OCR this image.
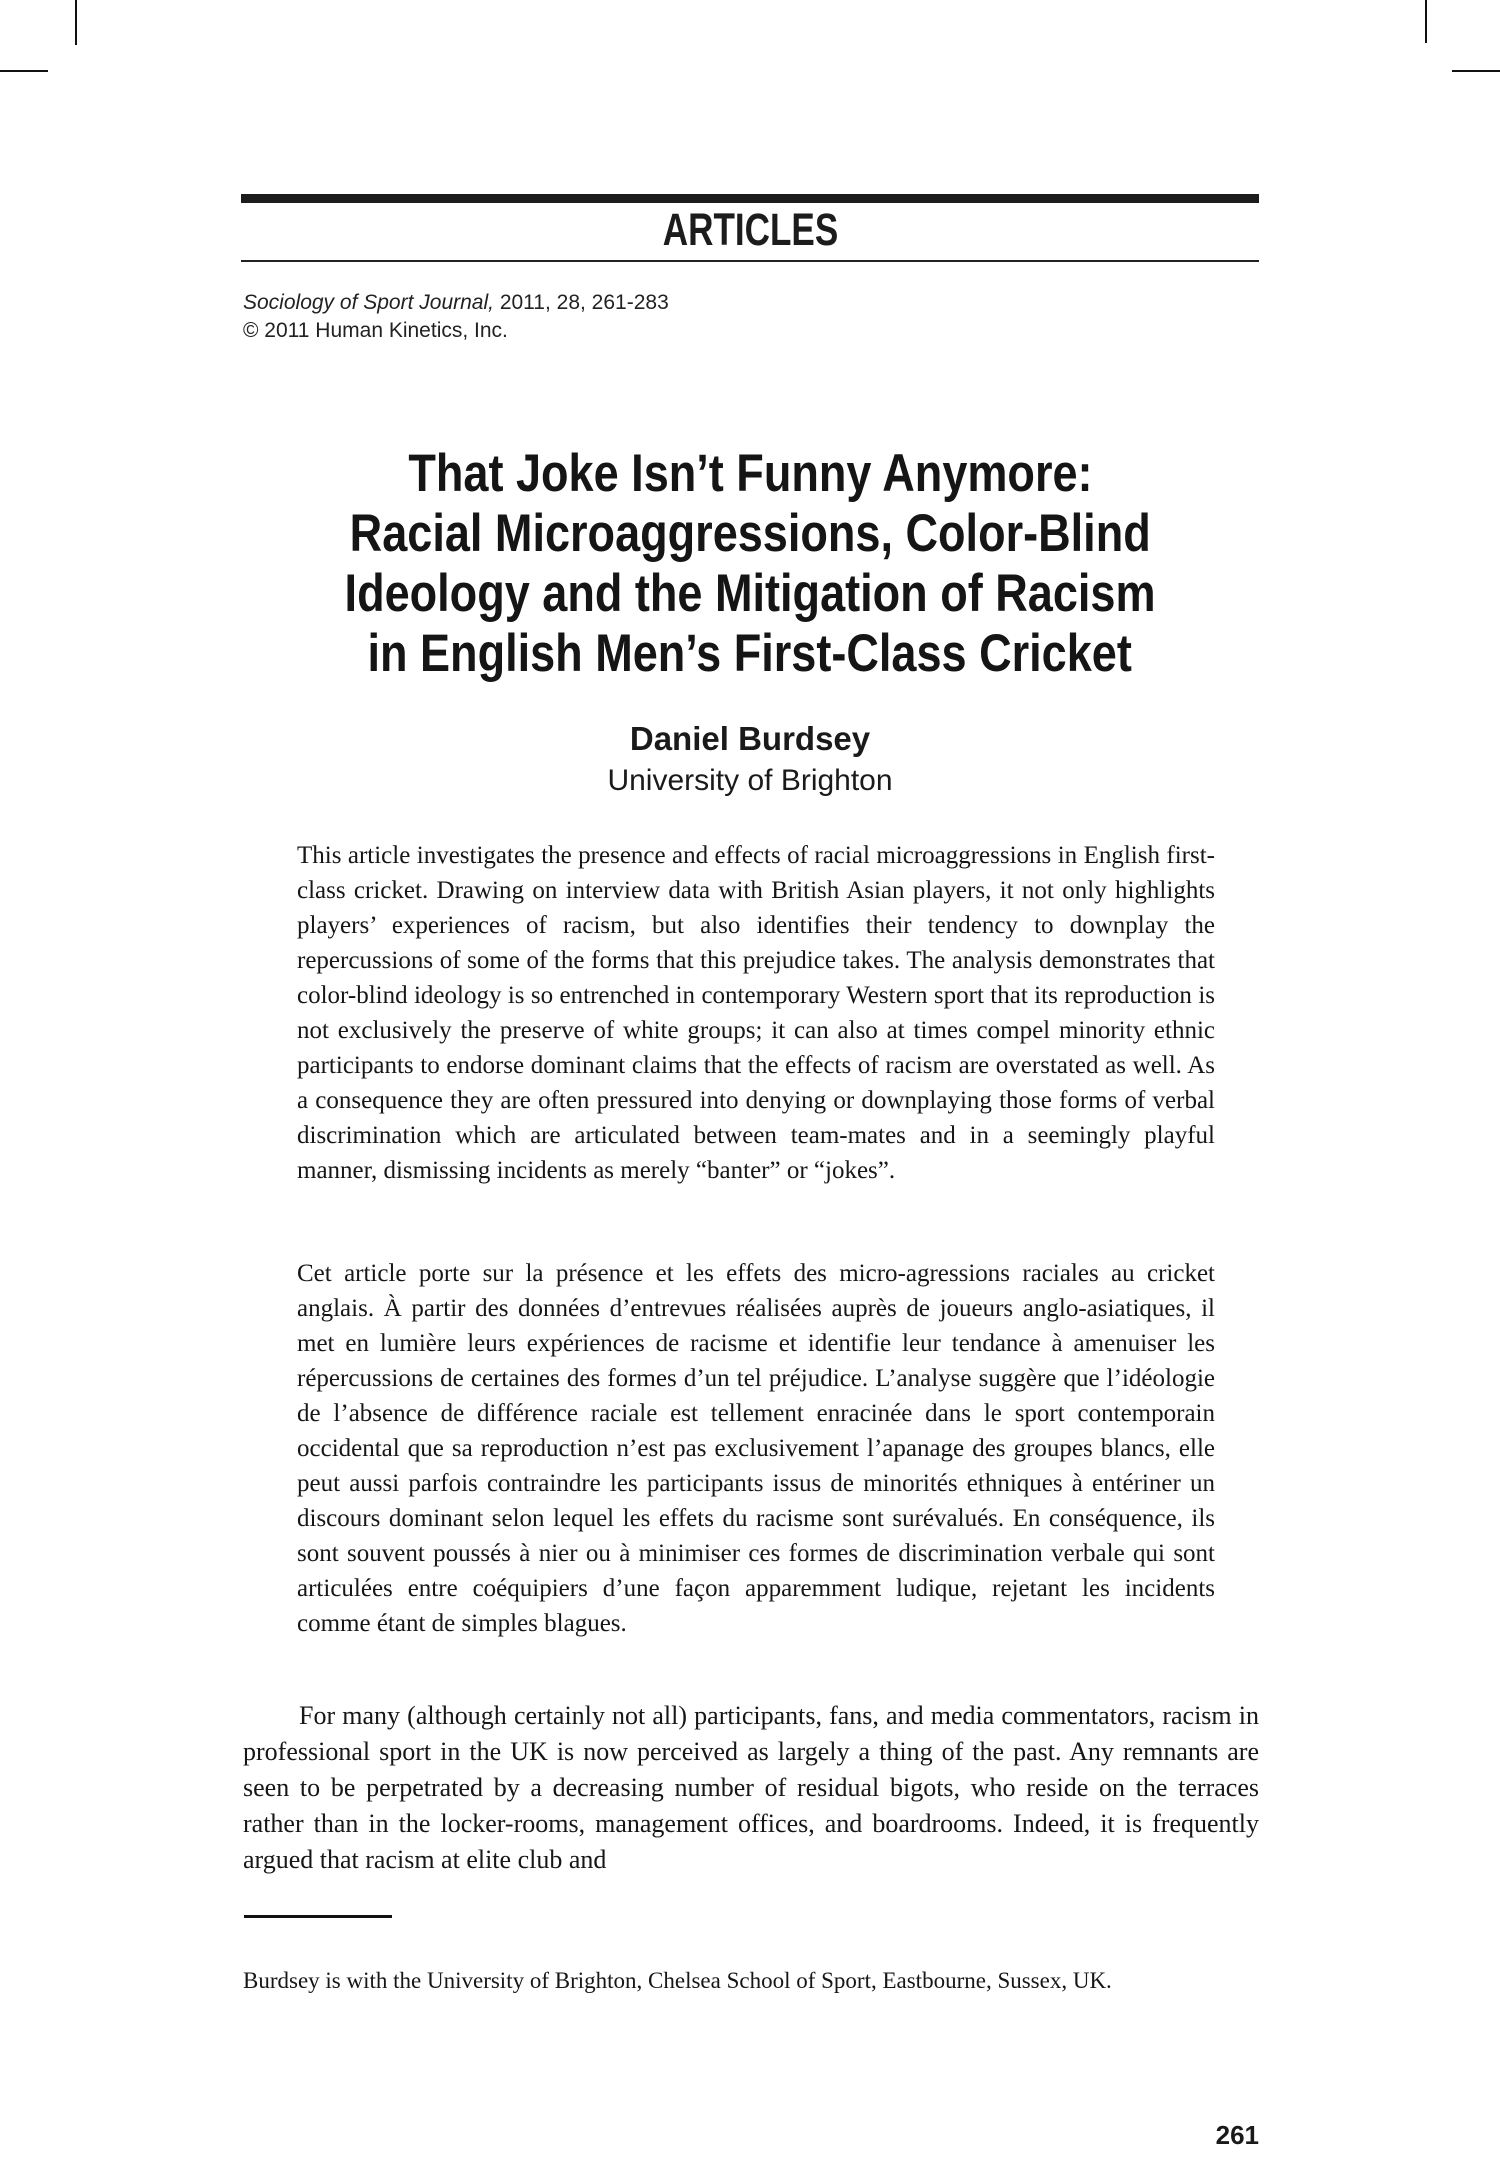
ARTICLES
Sociology of Sport Journal, 2011, 28, 261-283
© 2011 Human Kinetics, Inc.
That Joke Isn’t Funny Anymore:
Racial Microaggressions, Color-Blind
Ideology and the Mitigation of Racism
in English Men’s First-Class Cricket
Daniel Burdsey
University of Brighton
This article investigates the presence and effects of racial microaggressions in English first-class cricket. Drawing on interview data with British Asian players, it not only highlights players’ experiences of racism, but also identifies their tendency to downplay the repercussions of some of the forms that this prejudice takes. The analysis demonstrates that color-blind ideology is so entrenched in contemporary Western sport that its reproduction is not exclusively the preserve of white groups; it can also at times compel minority ethnic participants to endorse dominant claims that the effects of racism are overstated as well. As a consequence they are often pressured into denying or downplaying those forms of verbal discrimination which are articulated between team-mates and in a seemingly playful manner, dismissing incidents as merely “banter” or “jokes”.
Cet article porte sur la présence et les effets des micro-agressions raciales au cricket anglais. À partir des données d’entrevues réalisées auprès de joueurs anglo-asiatiques, il met en lumière leurs expériences de racisme et identifie leur tendance à amenuiser les répercussions de certaines des formes d’un tel préjudice. L’analyse suggère que l’idéologie de l’absence de différence raciale est tellement enracinée dans le sport contemporain occidental que sa reproduction n’est pas exclusivement l’apanage des groupes blancs, elle peut aussi parfois contraindre les participants issus de minorités ethniques à entériner un discours dominant selon lequel les effets du racisme sont surévalués. En conséquence, ils sont souvent poussés à nier ou à minimiser ces formes de discrimination verbale qui sont articulées entre coéquipiers d’une façon apparemment ludique, rejetant les incidents comme étant de simples blagues.
For many (although certainly not all) participants, fans, and media commentators, racism in professional sport in the UK is now perceived as largely a thing of the past. Any remnants are seen to be perpetrated by a decreasing number of residual bigots, who reside on the terraces rather than in the locker-rooms, management offices, and boardrooms. Indeed, it is frequently argued that racism at elite club and
Burdsey is with the University of Brighton, Chelsea School of Sport, Eastbourne, Sussex, UK.
261
